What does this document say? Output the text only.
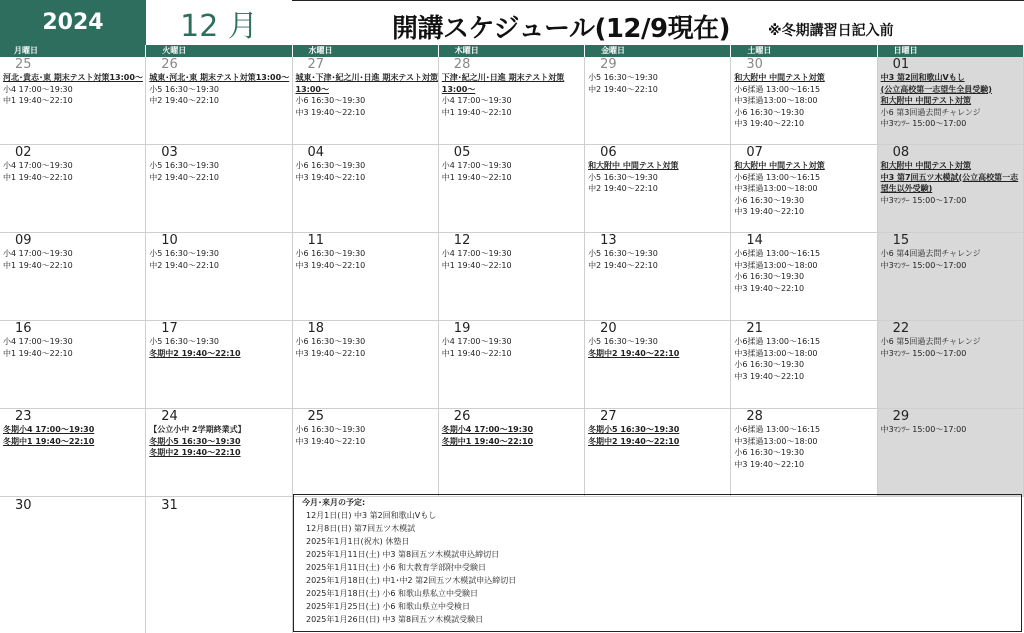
2024	12 月	開講スケジュール(12/9現在)	※冬期講習日記入前
月曜日	火曜日	水曜日	木曜日	金曜日	土曜日	日曜日
25
河北･貴志･東 期末テスト対策13:00～
小4 17:00～19:30
中1 19:40～22:10
26
城東･河北･東 期末テスト対策13:00～
小5 16:30～19:30
中2 19:40～22:10
27
城東･下津･紀之川･日進 期末テスト対策
13:00～
小6 16:30～19:30
中3 19:40～22:10
28
下津･紀之川･日進 期末テスト対策
13:00～
小4 17:00～19:30
中1 19:40～22:10
29
小5 16:30～19:30
中2 19:40～22:10
30
和大附中 中間テスト対策
小6揉過 13:00～16:15
中3揉過13:00～18:00
小6 16:30～19:30
中3 19:40～22:10
01
中3 第2回和歌山Vもし
(公立高校第一志望生全員受験)
和大附中 中間テスト対策
小6 第3回過去問チャレンジ
中3ﾏﾝﾂｰ 15:00～17:00
02
小4 17:00～19:30
中1 19:40～22:10
03
小5 16:30～19:30
中2 19:40～22:10
04
小6 16:30～19:30
中3 19:40～22:10
05
小4 17:00～19:30
中1 19:40～22:10
06
和大附中 中間テスト対策
小5 16:30～19:30
中2 19:40～22:10
07
和大附中 中間テスト対策
小6揉過 13:00～16:15
中3揉過13:00～18:00
小6 16:30～19:30
中3 19:40～22:10
08
和大附中 中間テスト対策
中3 第7回五ツ木模試(公立高校第一志
望生以外受験)
中3ﾏﾝﾂｰ 15:00～17:00
09
小4 17:00～19:30
中1 19:40～22:10
10
小5 16:30～19:30
中2 19:40～22:10
11
小6 16:30～19:30
中3 19:40～22:10
12
小4 17:00～19:30
中1 19:40～22:10
13
小5 16:30～19:30
中2 19:40～22:10
14
小6揉過 13:00～16:15
中3揉過13:00～18:00
小6 16:30～19:30
中3 19:40～22:10
15
小6 第4回過去問チャレンジ
中3ﾏﾝﾂｰ 15:00～17:00
16
小4 17:00～19:30
中1 19:40～22:10
17
小5 16:30～19:30
冬期中2 19:40～22:10
18
小6 16:30～19:30
中3 19:40～22:10
19
小4 17:00～19:30
中1 19:40～22:10
20
小5 16:30～19:30
冬期中2 19:40～22:10
21
小6揉過 13:00～16:15
中3揉過13:00～18:00
小6 16:30～19:30
中3 19:40～22:10
22
小6 第5回過去問チャレンジ
中3ﾏﾝﾂｰ 15:00～17:00
23
冬期小4 17:00～19:30
冬期中1 19:40～22:10
24
【公立小中 2学期終業式】
冬期小5 16:30～19:30
冬期中2 19:40～22:10
25
小6 16:30～19:30
中3 19:40～22:10
26
冬期小4 17:00～19:30
冬期中1 19:40～22:10
27
冬期小5 16:30～19:30
冬期中2 19:40～22:10
28
小6揉過 13:00～16:15
中3揉過13:00～18:00
小6 16:30～19:30
中3 19:40～22:10
29
中3ﾏﾝﾂｰ 15:00～17:00
30	31	今月･来月の予定:
12月1日(日) 中3 第2回和歌山Vもし
12月8日(日) 第7回五ツ木模試
2025年1月1日(祝水) 休塾日
2025年1月11日(土) 中3 第8回五ツ木模試申込締切日
2025年1月11日(土) 小6 和大教育学部附中受験日
2025年1月18日(土) 中1･中2 第2回五ツ木模試申込締切日
2025年1月18日(土) 小6 和歌山県私立中受験日
2025年1月25日(土) 小6 和歌山県立中受検日
2025年1月26日(日) 中3 第8回五ツ木模試受験日
